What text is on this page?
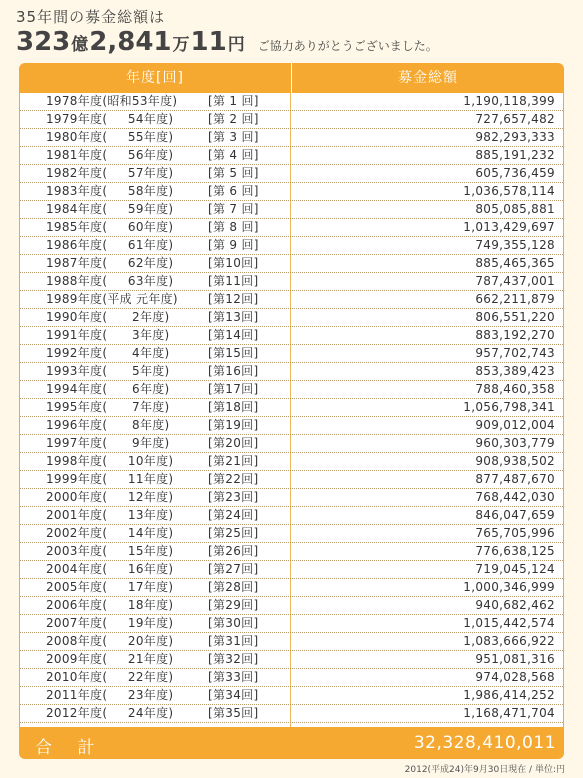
35年間の募金総額は
323億2,841万11円 ご協力ありがとうございました。
年度[回]	募金総額
1978年度(昭和53年度)	[第 1 回]	1,190,118,399
1979年度(     54年度)	[第 2 回]	727,657,482
1980年度(     55年度)	[第 3 回]	982,293,333
1981年度(     56年度)	[第 4 回]	885,191,232
1982年度(     57年度)	[第 5 回]	605,736,459
1983年度(     58年度)	[第 6 回]	1,036,578,114
1984年度(     59年度)	[第 7 回]	805,085,881
1985年度(     60年度)	[第 8 回]	1,013,429,697
1986年度(     61年度)	[第 9 回]	749,355,128
1987年度(     62年度)	[第10回]	885,465,365
1988年度(     63年度)	[第11回]	787,437,001
1989年度(平成 元年度)	[第12回]	662,211,879
1990年度(      2年度)	[第13回]	806,551,220
1991年度(      3年度)	[第14回]	883,192,270
1992年度(      4年度)	[第15回]	957,702,743
1993年度(      5年度)	[第16回]	853,389,423
1994年度(      6年度)	[第17回]	788,460,358
1995年度(      7年度)	[第18回]	1,056,798,341
1996年度(      8年度)	[第19回]	909,012,004
1997年度(      9年度)	[第20回]	960,303,779
1998年度(     10年度)	[第21回]	908,938,502
1999年度(     11年度)	[第22回]	877,487,670
2000年度(     12年度)	[第23回]	768,442,030
2001年度(     13年度)	[第24回]	846,047,659
2002年度(     14年度)	[第25回]	765,705,996
2003年度(     15年度)	[第26回]	776,638,125
2004年度(     16年度)	[第27回]	719,045,124
2005年度(     17年度)	[第28回]	1,000,346,999
2006年度(     18年度)	[第29回]	940,682,462
2007年度(     19年度)	[第30回]	1,015,442,574
2008年度(     20年度)	[第31回]	1,083,666,922
2009年度(     21年度)	[第32回]	951,081,316
2010年度(     22年度)	[第33回]	974,028,568
2011年度(     23年度)	[第34回]	1,986,414,252
2012年度(     24年度)	[第35回]	1,168,471,704
合 計	32,328,410,011
2012(平成24)年9月30日現在 / 単位:円
